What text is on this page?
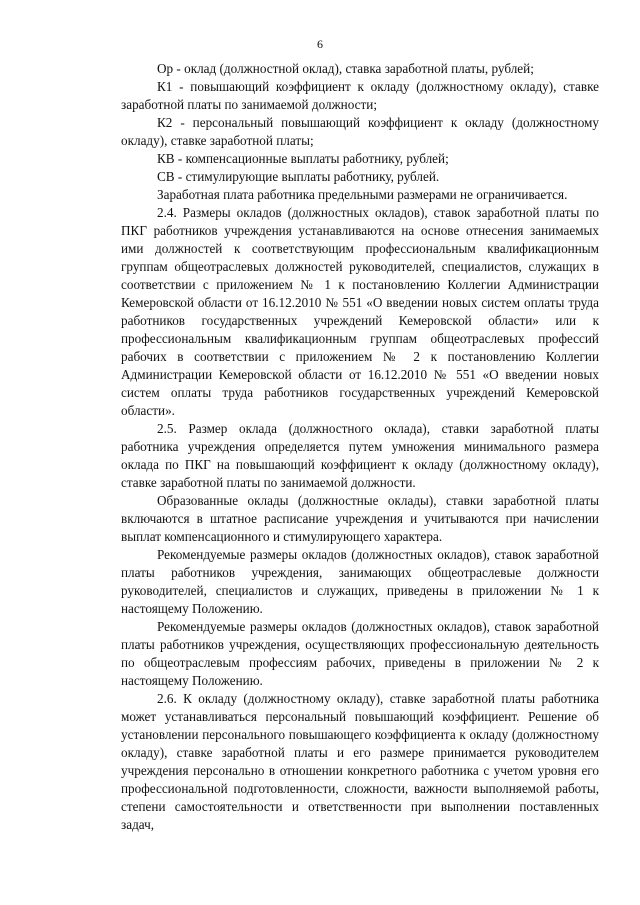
6

Ор - оклад (должностной оклад), ставка заработной платы, рублей;

К1 - повышающий коэффициент к окладу (должностному окладу), ставке заработной платы по занимаемой должности;

К2 - персональный повышающий коэффициент к окладу (должностному окладу), ставке заработной платы;

КВ - компенсационные выплаты работнику, рублей;

СВ - стимулирующие выплаты работнику, рублей.

Заработная плата работника предельными размерами не ограничивается.

2.4. Размеры окладов (должностных окладов), ставок заработной платы по ПКГ работников учреждения устанавливаются на основе отнесения занимаемых ими должностей к соответствующим профессиональным квалификационным группам общеотраслевых должностей руководителей, специалистов, служащих в соответствии с приложением № 1 к постановлению Коллегии Администрации Кемеровской области от 16.12.2010 № 551 «О введении новых систем оплаты труда работников государственных учреждений Кемеровской области» или к профессиональным квалификационным группам общеотраслевых профессий рабочих в соответствии с приложением № 2 к постановлению Коллегии Администрации Кемеровской области от 16.12.2010 № 551 «О введении новых систем оплаты труда работников государственных учреждений Кемеровской области».

2.5. Размер оклада (должностного оклада), ставки заработной платы работника учреждения определяется путем умножения минимального размера оклада по ПКГ на повышающий коэффициент к окладу (должностному окладу), ставке заработной платы по занимаемой должности.

Образованные оклады (должностные оклады), ставки заработной платы включаются в штатное расписание учреждения и учитываются при начислении выплат компенсационного и стимулирующего характера.

Рекомендуемые размеры окладов (должностных окладов), ставок заработной платы работников учреждения, занимающих общеотраслевые должности руководителей, специалистов и служащих, приведены в приложении № 1 к настоящему Положению.

Рекомендуемые размеры окладов (должностных окладов), ставок заработной платы работников учреждения, осуществляющих профессиональную деятельность по общеотраслевым профессиям рабочих, приведены в приложении № 2 к настоящему Положению.

2.6. К окладу (должностному окладу), ставке заработной платы работника может устанавливаться персональный повышающий коэффициент. Решение об установлении персонального повышающего коэффициента к окладу (должностному окладу), ставке заработной платы и его размере принимается руководителем учреждения персонально в отношении конкретного работника с учетом уровня его профессиональной подготовленности, сложности, важности выполняемой работы, степени самостоятельности и ответственности при выполнении поставленных задач,
